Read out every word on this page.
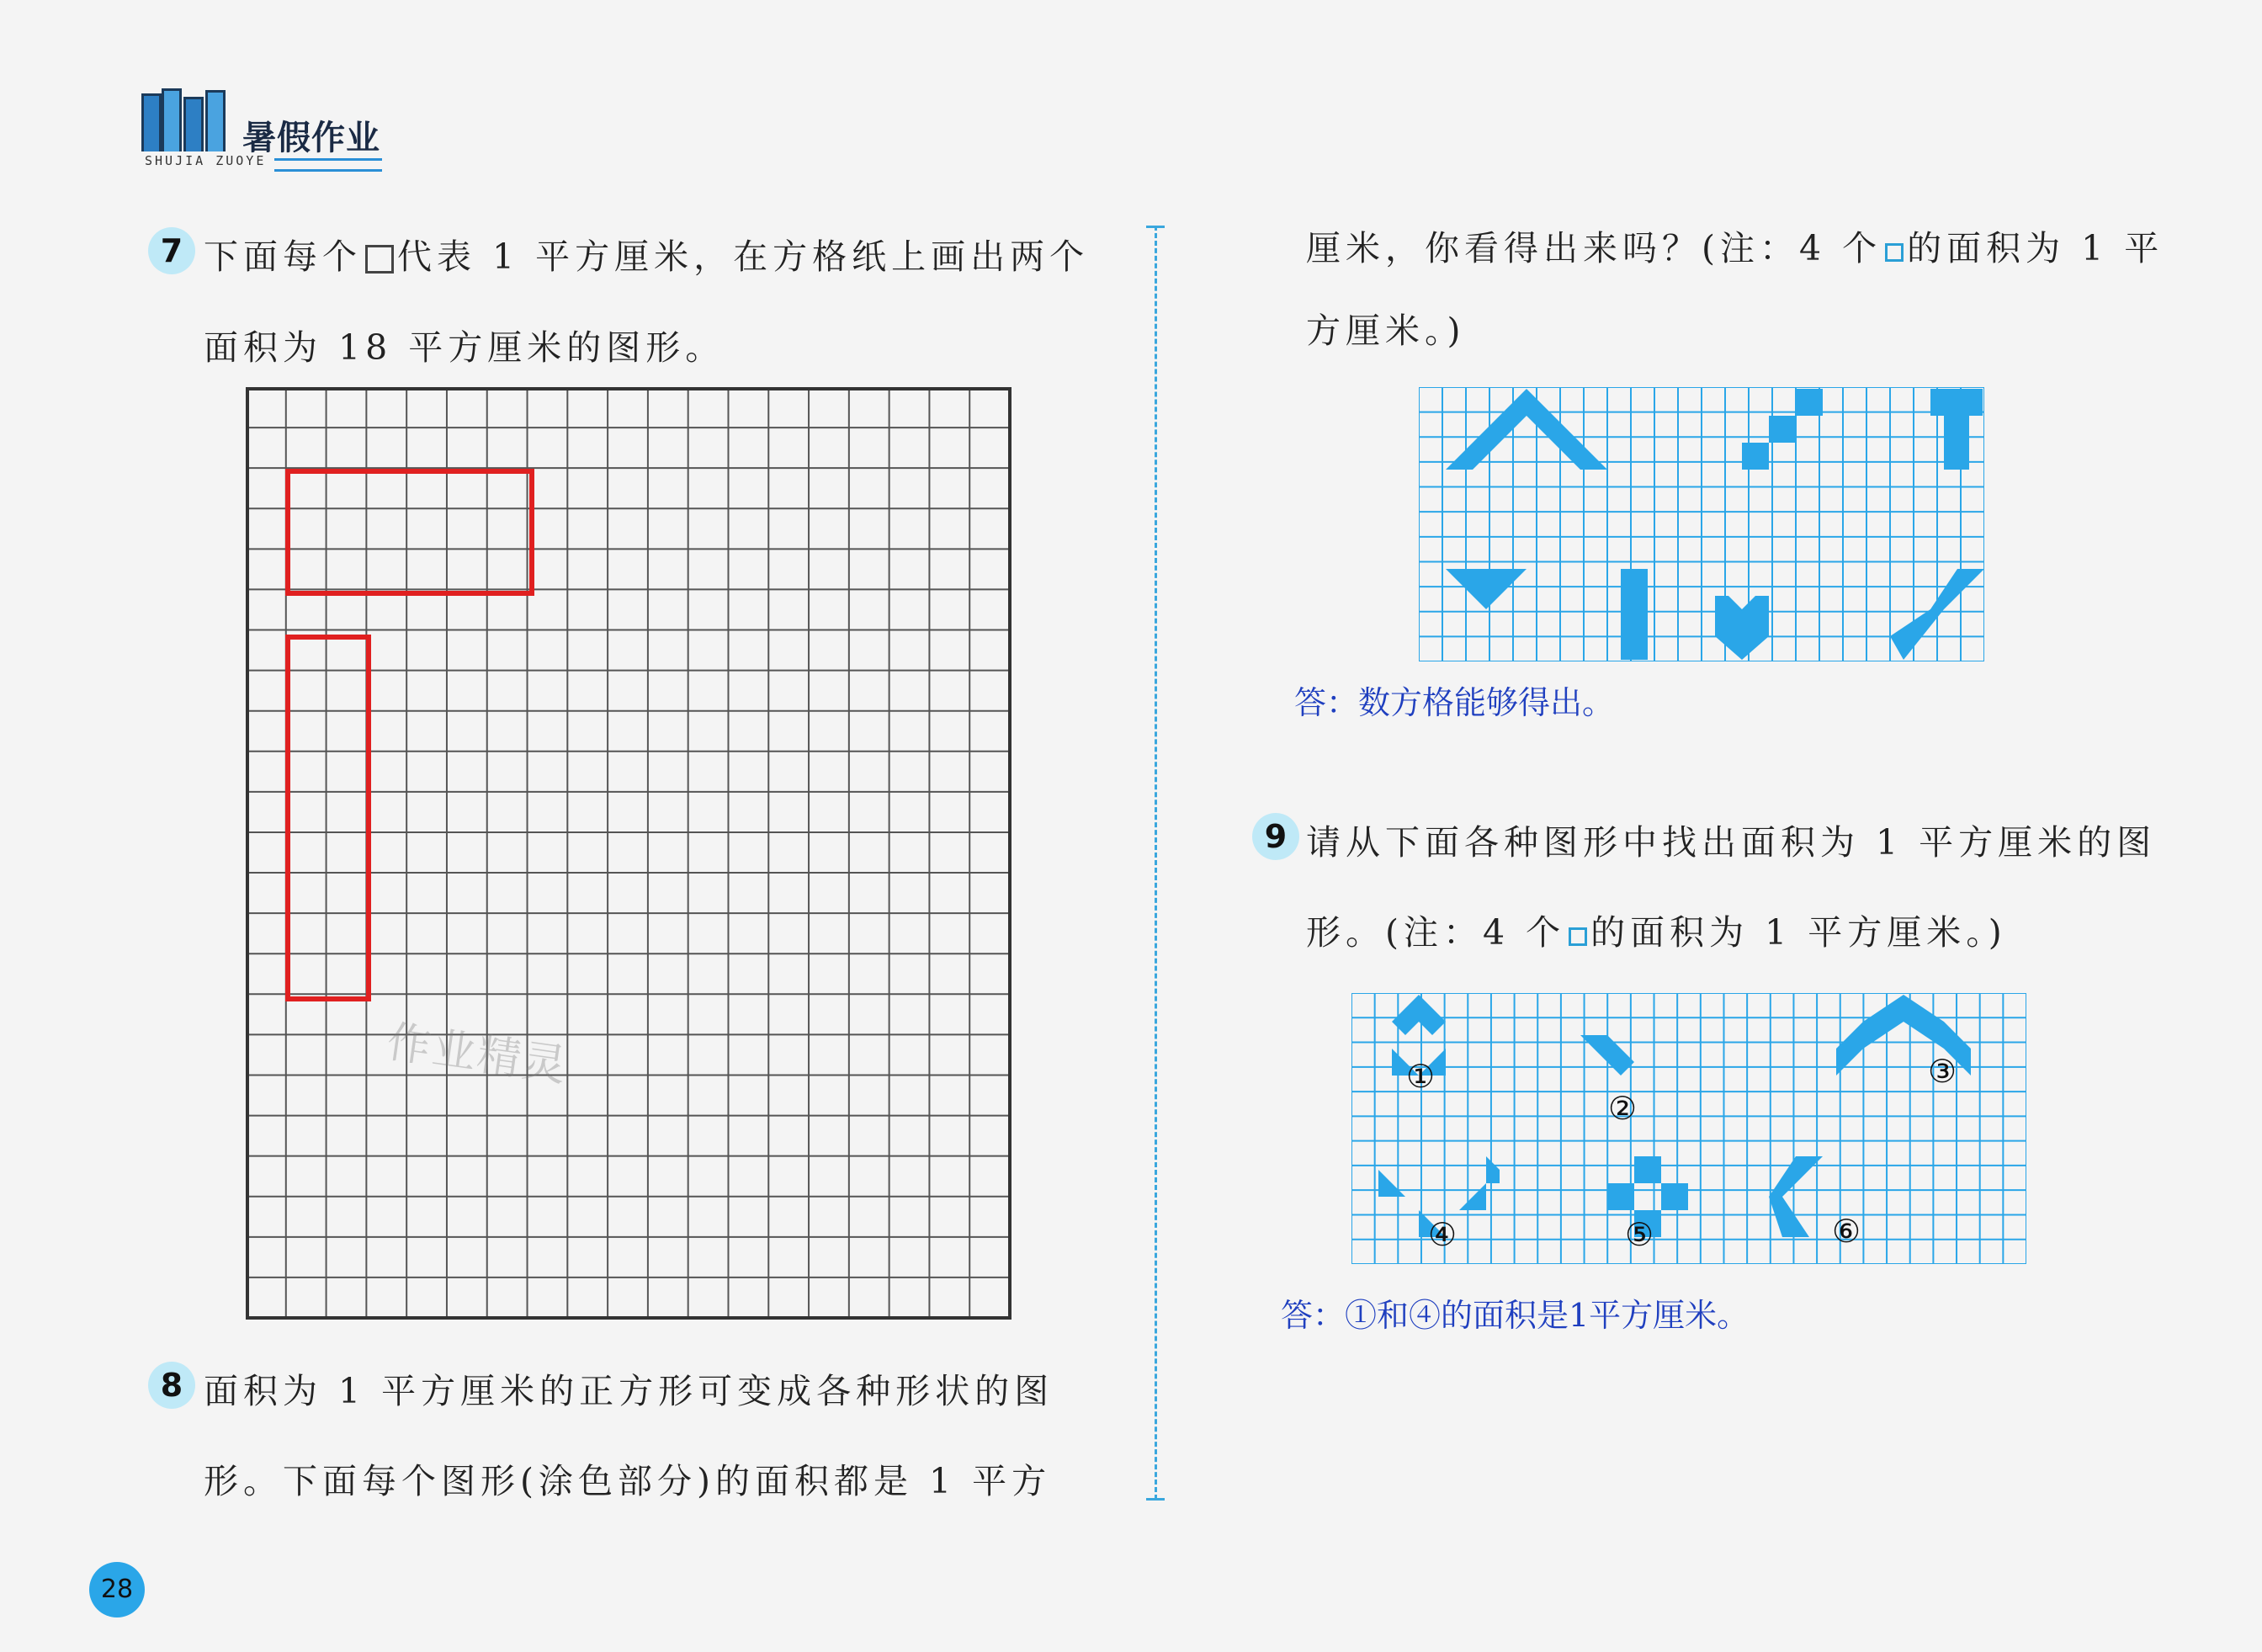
暑假作业
SHUJIA ZUOYE
7 下面每个 代表 1 平方厘米，在方格纸上画出两个
面积为 18 平方厘米的图形。
作业精灵
8 面积为 1 平方厘米的正方形可变成各种形状的图
形。下面每个图形(涂色部分)的面积都是 1 平方
厘米，你看得出来吗？(注：4 个 的面积为 1 平
方厘米。)
答：数方格能够得出。
9 请从下面各种图形中找出面积为 1 平方厘米的图
形。(注：4 个 的面积为 1 平方厘米。)
①
②
③
④	⑤	⑥
答：①和④的面积是1平方厘米。
28
